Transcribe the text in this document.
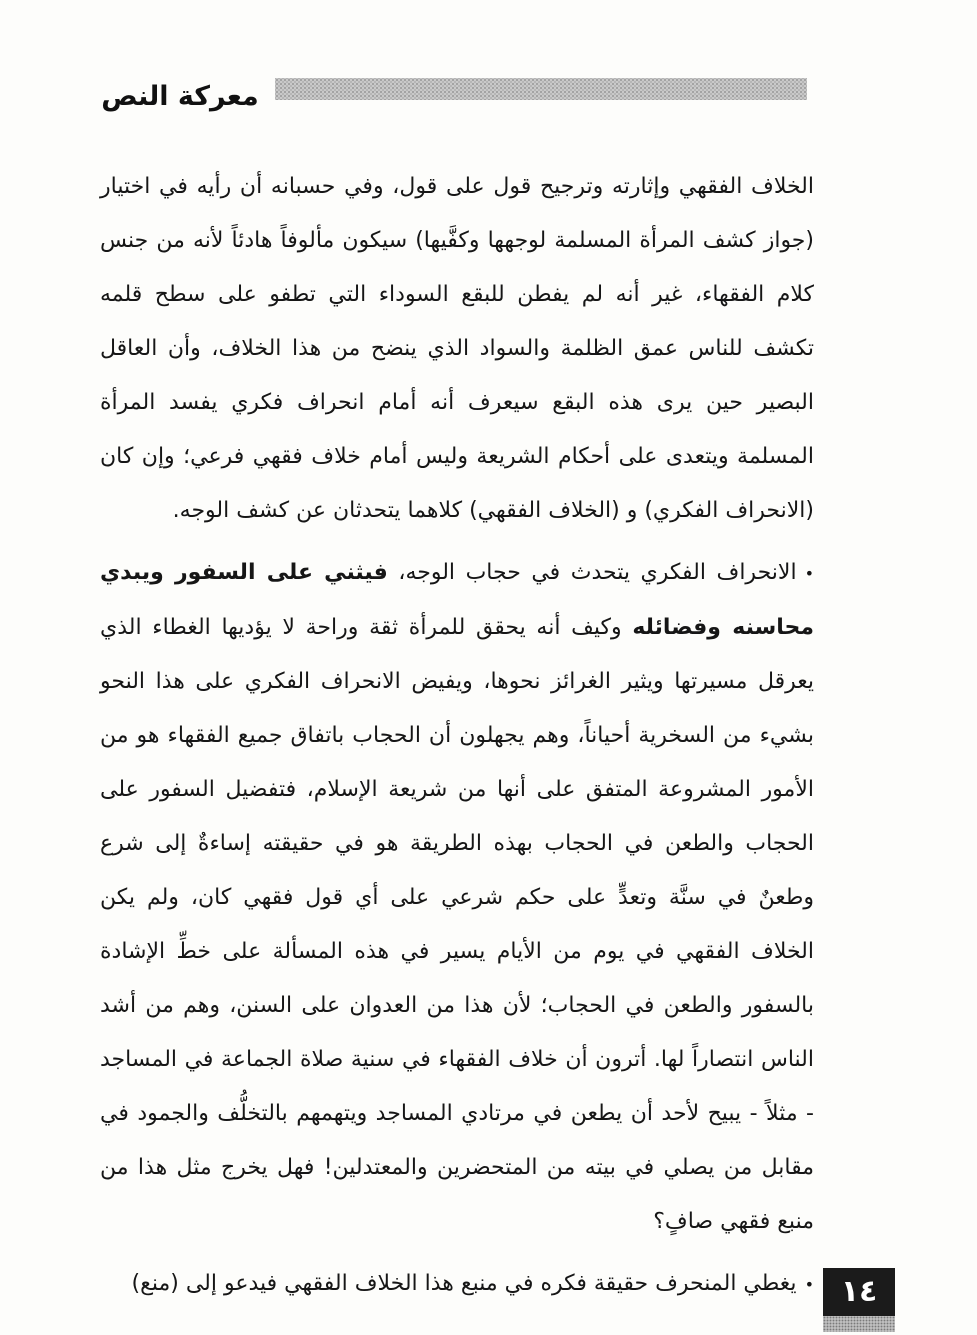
معركة النص

الخلاف الفقهي وإثارته وترجيح قول على قول، وفي حسبانه أن رأيه في اختيار (جواز كشف المرأة المسلمة لوجهها وكفَّيها) سيكون مألوفاً هادئاً لأنه من جنس كلام الفقهاء، غير أنه لم يفطن للبقع السوداء التي تطفو على سطح قلمه تكشف للناس عمق الظلمة والسواد الذي ينضح من هذا الخلاف، وأن العاقل البصير حين يرى هذه البقع سيعرف أنه أمام انحراف فكري يفسد المرأة المسلمة ويتعدى على أحكام الشريعة وليس أمام خلاف فقهي فرعي؛ وإن كان (الانحراف الفكري) و (الخلاف الفقهي) كلاهما يتحدثان عن كشف الوجه.

•الانحراف الفكري يتحدث في حجاب الوجه، فيثني على السفور ويبدي محاسنه وفضائله وكيف أنه يحقق للمرأة ثقة وراحة لا يؤديها الغطاء الذي يعرقل مسيرتها ويثير الغرائز نحوها، ويفيض الانحراف الفكري على هذا النحو بشيء من السخرية أحياناً، وهم يجهلون أن الحجاب باتفاق جميع الفقهاء هو من الأمور المشروعة المتفق على أنها من شريعة الإسلام، فتفضيل السفور على الحجاب والطعن في الحجاب بهذه الطريقة هو في حقيقته إساءةٌ إلى شرع وطعنٌ في سنَّة وتعدٍّ على حكم شرعي على أي قول فقهي كان، ولم يكن الخلاف الفقهي في يوم من الأيام يسير في هذه المسألة على خطِّ الإشادة بالسفور والطعن في الحجاب؛ لأن هذا من العدوان على السنن، وهم من أشد الناس انتصاراً لها. أترون أن خلاف الفقهاء في سنية صلاة الجماعة في المساجد - مثلاً - يبيح لأحد أن يطعن في مرتادي المساجد ويتهمهم بالتخلُّف والجمود في مقابل من يصلي في بيته من المتحضرين والمعتدلين! فهل يخرج مثل هذا من منبع فقهي صافٍ؟

•يغطي المنحرف حقيقة فكره في منبع هذا الخلاف الفقهي فيدعو إلى (منع)	١٤
